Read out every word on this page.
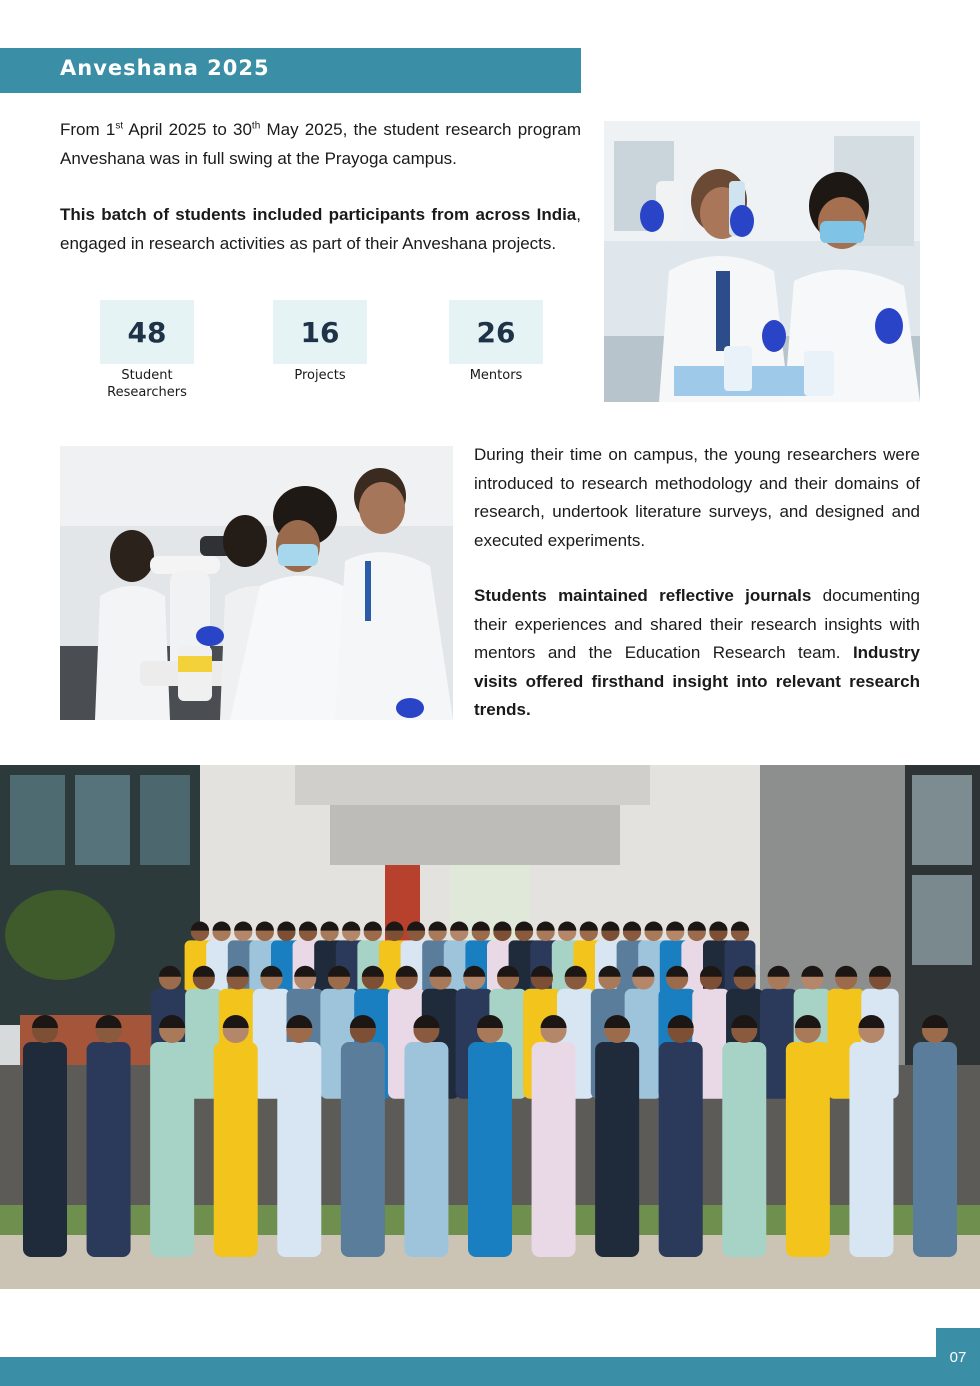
Anveshana 2025
From 1st April 2025 to 30th May 2025, the student research program Anveshana was in full swing at the Prayoga campus.
This batch of students included participants from across India, engaged in research activities as part of their Anveshana projects.
48
Student
Researchers
16
Projects
26
Mentors
During their time on campus, the young researchers were introduced to research methodology and their domains of research, undertook literature surveys, and designed and executed experiments.
Students maintained reflective journals documenting their experiences and shared their research insights with mentors and the Education Research team. Industry visits offered firsthand insight into relevant research trends.
07
